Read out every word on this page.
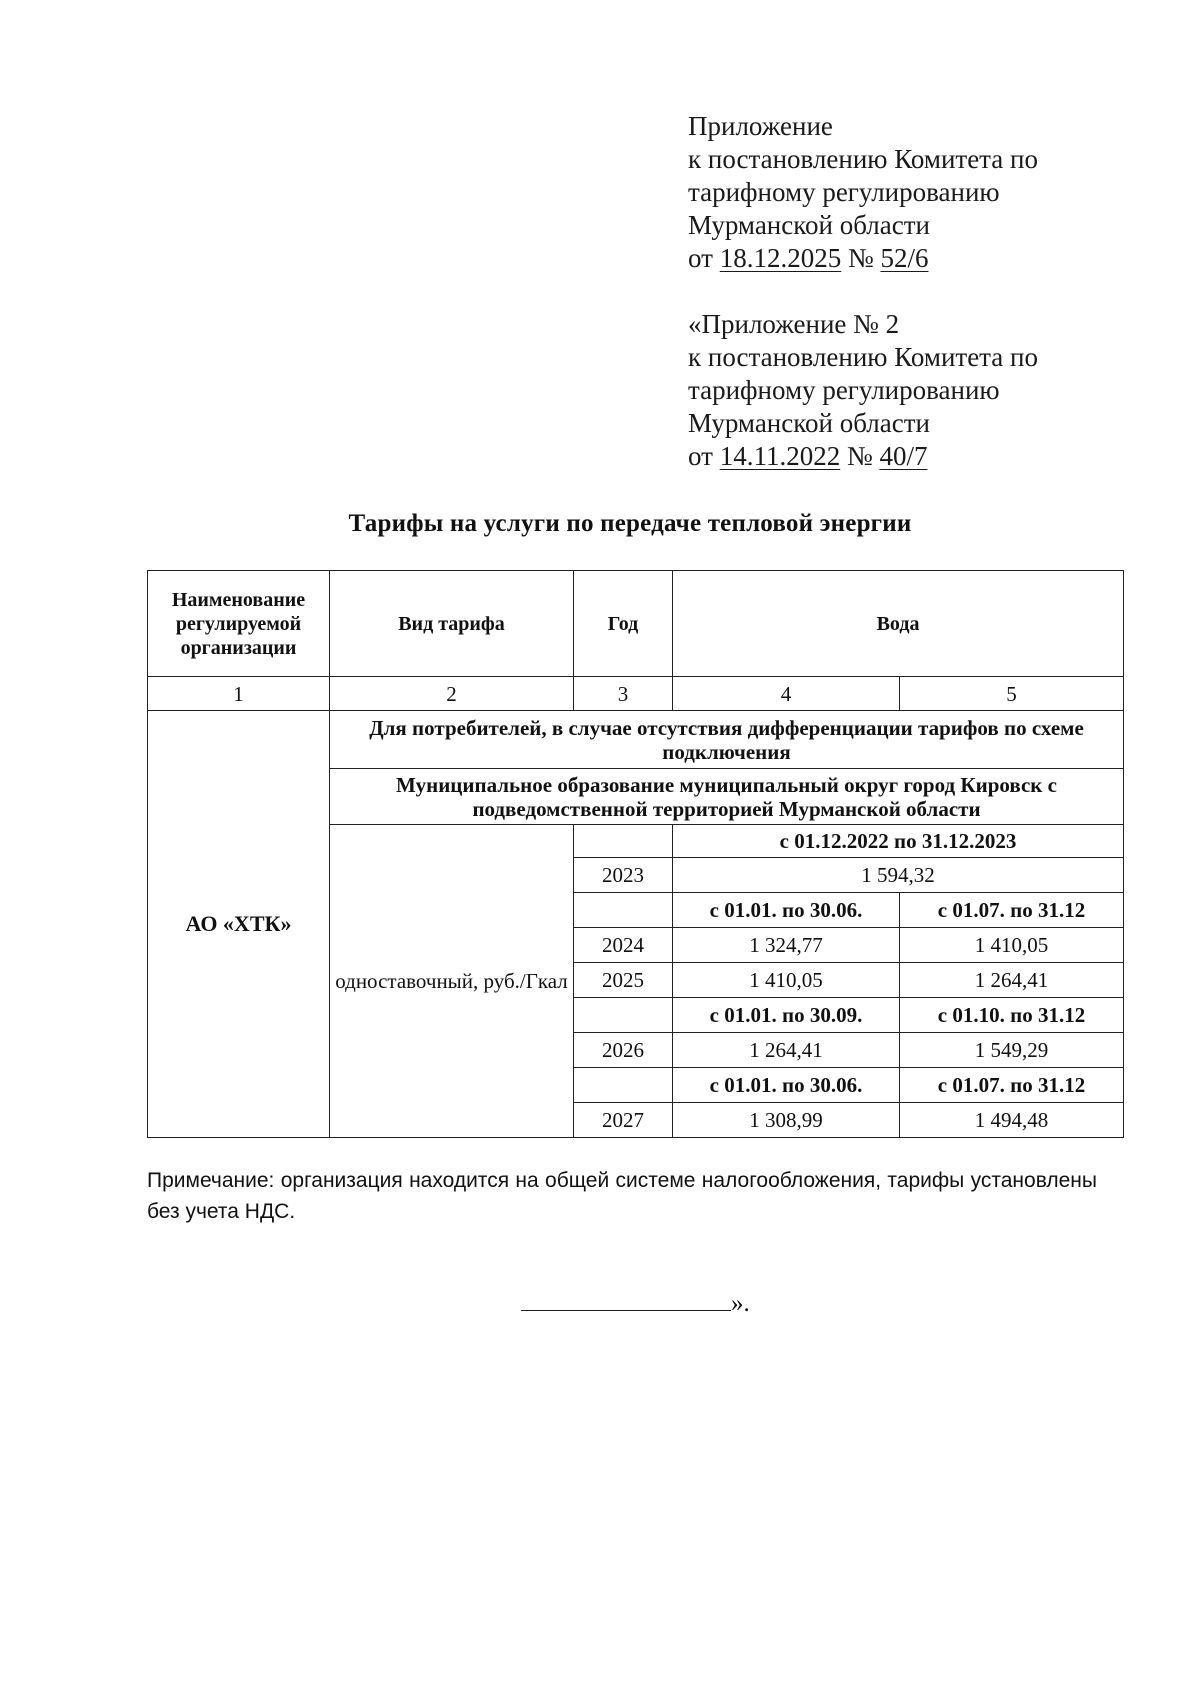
Приложение
к постановлению Комитета по
тарифному регулированию
Мурманской области
от 18.12.2025 № 52/6
«Приложение № 2
к постановлению Комитета по
тарифному регулированию
Мурманской области
от 14.11.2022 № 40/7
Тарифы на услуги по передаче тепловой энергии
Наименование регулируемой организации	Вид тарифа	Год	Вода	
1	2	3	4	5
АО «ХТК»	Для потребителей, в случае отсутствия дифференциации тарифов по схеме подключения			
	Муниципальное образование муниципальный округ город Кировск с подведомственной территорией Мурманской области			
	одноставочный, руб./Гкал		с 01.12.2022 по 31.12.2023	
		2023	1 594,32	
			с 01.01. по 30.06.	с 01.07. по 31.12
		2024	1 324,77	1 410,05
		2025	1 410,05	1 264,41
			с 01.01. по 30.09.	с 01.10. по 31.12
		2026	1 264,41	1 549,29
			с 01.01. по 30.06.	с 01.07. по 31.12
		2027	1 308,99	1 494,48
Примечание: организация находится на общей системе налогообложения, тарифы установлены без учета НДС.
».
